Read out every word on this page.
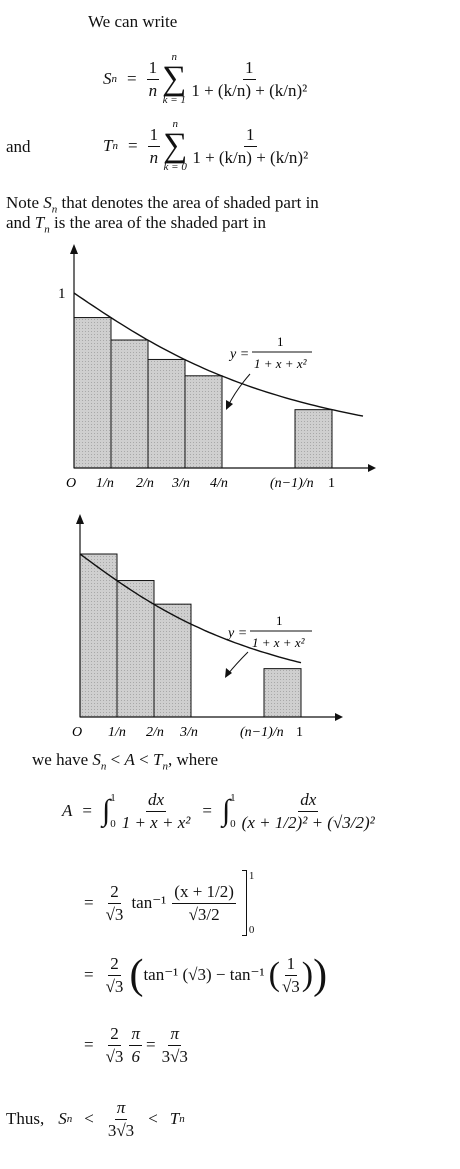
We can write
S $n = \frac{1}{n}$
n
∑
k = 1
$\frac{1}{\text{1 + (k/n) + (k/n)²}}$
and	T $n = \frac{1}{n}$
n
∑
k = 0
$\frac{1}{\text{1 + (k/n) + (k/n)²}}$
Note $S_n$ that denotes the area of shaded part in
and $T_n$ is the area of the shaded part in
1
O 1/n 2/n 3/n 4/n	(n−1)/n 1
y =
1
1 + x + x²
O 1/n 2/n 3/n	(n−1)/n 1
y =
1
1 + x + x²
we have $S_n < A < T_n$, where
A = ∫ 1
$0 \frac{dx}{\text{1 + x + x²}}$ = ∫ 1
$0 \frac{dx}{\text{(x + 1/2)² + (√3/2)²}}$
= $\frac{2}{√3} \tan^{-1} \frac{(x + 1/2)}{√3/2}$
1
0
= $\frac{2}{√3}$ ( tan⁻¹ (√3) − tan⁻¹ ( $\frac{1}{√3}$ ) )
= $\frac{2}{√3} \frac{\pi}{6} = \frac{\pi}{3√3}$
Thus, S $n < \frac{\pi}{3√3} < T$ n
